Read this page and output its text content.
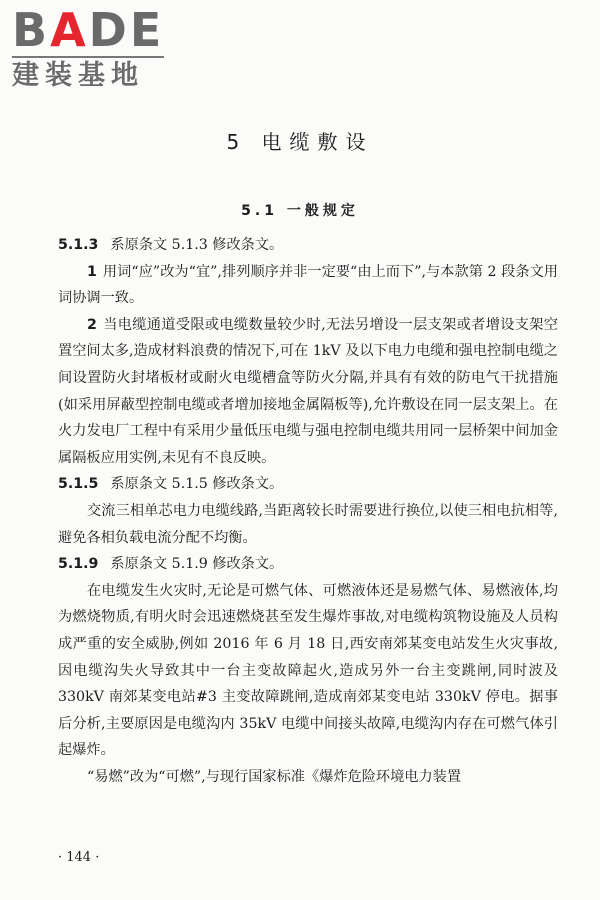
BADE
建装基地
5 电缆敷设
5.1 一般规定

5.1.3 系原条文 5.1.3 修改条文。

1 用词“应”改为“宜”,排列顺序并非一定要“由上而下”,与本款第 2 段条文用词协调一致。

2 当电缆通道受限或电缆数量较少时,无法另增设一层支架或者增设支架空置空间太多,造成材料浪费的情况下,可在 1kV 及以下电力电缆和强电控制电缆之间设置防火封堵板材或耐火电缆槽盒等防火分隔,并具有有效的防电气干扰措施(如采用屏蔽型控制电缆或者增加接地金属隔板等),允许敷设在同一层支架上。在火力发电厂工程中有采用少量低压电缆与强电控制电缆共用同一层桥架中间加金属隔板应用实例,未见有不良反映。

5.1.5 系原条文 5.1.5 修改条文。

交流三相单芯电力电缆线路,当距离较长时需要进行换位,以使三相电抗相等,避免各相负载电流分配不均衡。

5.1.9 系原条文 5.1.9 修改条文。

在电缆发生火灾时,无论是可燃气体、可燃液体还是易燃气体、易燃液体,均为燃烧物质,有明火时会迅速燃烧甚至发生爆炸事故,对电缆构筑物设施及人员构成严重的安全威胁,例如 2016 年 6 月 18 日,西安南郊某变电站发生火灾事故,因电缆沟失火导致其中一台主变故障起火,造成另外一台主变跳闸,同时波及 330kV 南郊某变电站#3 主变故障跳闸,造成南郊某变电站 330kV 停电。据事后分析,主要原因是电缆沟内 35kV 电缆中间接头故障,电缆沟内存在可燃气体引起爆炸。

“易燃”改为“可燃”,与现行国家标准《爆炸危险环境电力装置

· 144 ·
